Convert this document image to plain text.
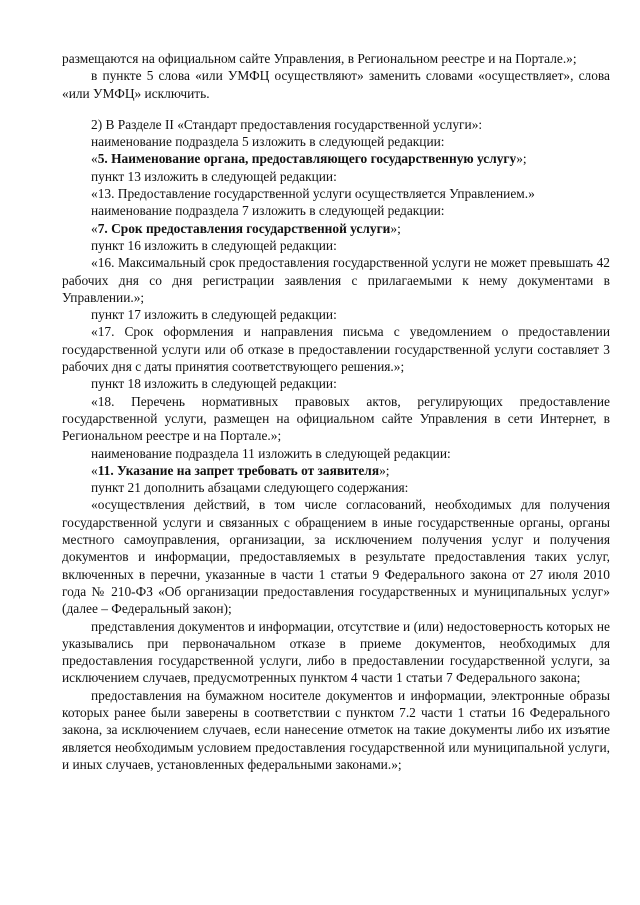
размещаются на официальном сайте Управления, в Региональном реестре и на Портале.»;

в пункте 5 слова «или УМФЦ осуществляют» заменить словами «осуществляет», слова «или УМФЦ» исключить.

2) В Разделе II «Стандарт предоставления государственной услуги»:

наименование подраздела 5 изложить в следующей редакции:

«5. Наименование органа, предоставляющего государственную услугу»;

пункт 13 изложить в следующей редакции:

«13. Предоставление государственной услуги осуществляется Управлением.»

наименование подраздела 7 изложить в следующей редакции:

«7. Срок предоставления государственной услуги»;

пункт 16 изложить в следующей редакции:

«16. Максимальный срок предоставления государственной услуги не может превышать 42 рабочих дня со дня регистрации заявления с прилагаемыми к нему документами в Управлении.»;

пункт 17 изложить в следующей редакции:

«17. Срок оформления и направления письма с уведомлением о предоставлении государственной услуги или об отказе в предоставлении государственной услуги составляет 3 рабочих дня с даты принятия соответствующего решения.»;

пункт 18 изложить в следующей редакции:

«18. Перечень нормативных правовых актов, регулирующих предоставление государственной услуги, размещен на официальном сайте Управления в сети Интернет, в Региональном реестре и на Портале.»;

наименование подраздела 11 изложить в следующей редакции:

«11. Указание на запрет требовать от заявителя»;

пункт 21 дополнить абзацами следующего содержания:

«осуществления действий, в том числе согласований, необходимых для получения государственной услуги и связанных с обращением в иные государственные органы, органы местного самоуправления, организации, за исключением получения услуг и получения документов и информации, предоставляемых в результате предоставления таких услуг, включенных в перечни, указанные в части 1 статьи 9 Федерального закона от 27 июля 2010 года № 210-ФЗ «Об организации предоставления государственных и муниципальных услуг» (далее – Федеральный закон);

представления документов и информации, отсутствие и (или) недостоверность которых не указывались при первоначальном отказе в приеме документов, необходимых для предоставления государственной услуги, либо в предоставлении государственной услуги, за исключением случаев, предусмотренных пунктом 4 части 1 статьи 7 Федерального закона;

предоставления на бумажном носителе документов и информации, электронные образы которых ранее были заверены в соответствии с пунктом 7.2 части 1 статьи 16 Федерального закона, за исключением случаев, если нанесение отметок на такие документы либо их изъятие является необходимым условием предоставления государственной или муниципальной услуги, и иных случаев, установленных федеральными законами.»;
